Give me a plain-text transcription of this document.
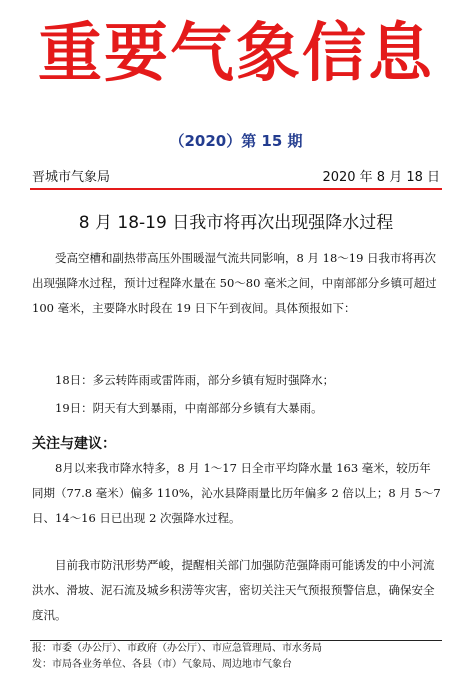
重要气象信息
（2020）第 15 期
晋城市气象局	2020 年 8 月 18 日
8 月 18-19 日我市将再次出现强降水过程

受高空槽和副热带高压外围暖湿气流共同影响，8 月 18～19 日我市将再次出现强降水过程，预计过程降水量在 50～80 毫米之间，中南部部分乡镇可超过 100 毫米，主要降水时段在 19 日下午到夜间。具体预报如下：

18日：多云转阵雨或雷阵雨，部分乡镇有短时强降水；

19日：阴天有大到暴雨，中南部部分乡镇有大暴雨。

关注与建议：

8月以来我市降水特多，8 月 1～17 日全市平均降水量 163 毫米，较历年同期（77.8 毫米）偏多 110%，沁水县降雨量比历年偏多 2 倍以上；8 月 5～7 日、14～16 日已出现 2 次强降水过程。

目前我市防汛形势严峻，提醒相关部门加强防范强降雨可能诱发的中小河流洪水、滑坡、泥石流及城乡积涝等灾害，密切关注天气预报预警信息，确保安全度汛。

报：市委（办公厅）、市政府（办公厅）、市应急管理局、市水务局
发：市局各业务单位、各县（市）气象局、周边地市气象台
